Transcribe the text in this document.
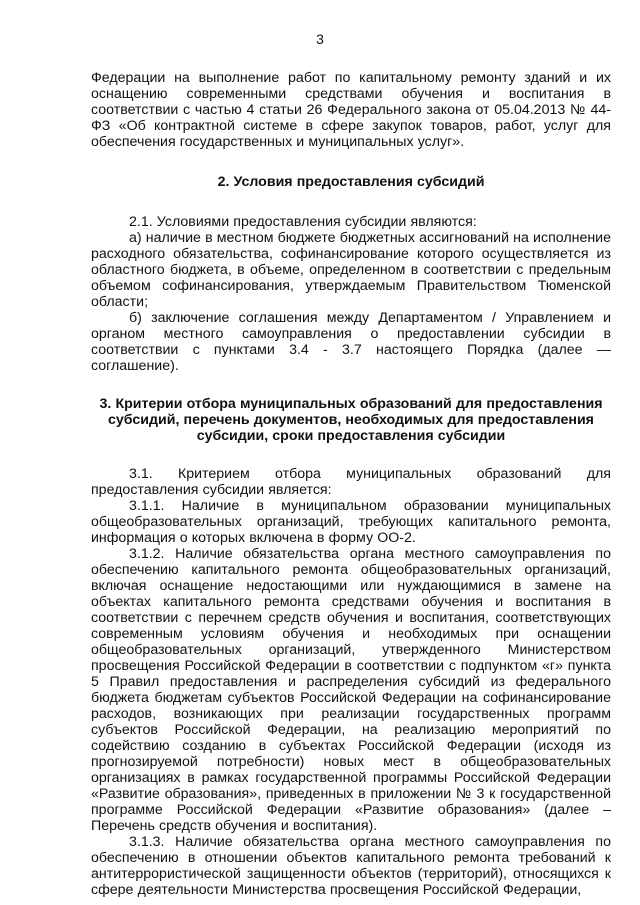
3

Федерации на выполнение работ по капитальному ремонту зданий и их оснащению современными средствами обучения и воспитания в соответствии с частью 4 статьи 26 Федерального закона от 05.04.2013 № 44-ФЗ «Об контрактной системе в сфере закупок товаров, работ, услуг для обеспечения государственных и муниципальных услуг».

2. Условия предоставления субсидий

2.1. Условиями предоставления субсидии являются:

а) наличие в местном бюджете бюджетных ассигнований на исполнение расходного обязательства, софинансирование которого осуществляется из областного бюджета, в объеме, определенном в соответствии с предельным объемом софинансирования, утверждаемым Правительством Тюменской области;

б) заключение соглашения между Департаментом / Управлением и органом местного самоуправления о предоставлении субсидии в соответствии с пунктами 3.4 - 3.7 настоящего Порядка (далее — соглашение).

3. Критерии отбора муниципальных образований для предоставления субсидий, перечень документов, необходимых для предоставления субсидии, сроки предоставления субсидии

3.1. Критерием отбора муниципальных образований для предоставления субсидии является:

3.1.1. Наличие в муниципальном образовании муниципальных общеобразовательных организаций, требующих капитального ремонта, информация о которых включена в форму ОО-2.

3.1.2. Наличие обязательства органа местного самоуправления по обеспечению капитального ремонта общеобразовательных организаций, включая оснащение недостающими или нуждающимися в замене на объектах капитального ремонта средствами обучения и воспитания в соответствии с перечнем средств обучения и воспитания, соответствующих современным условиям обучения и необходимых при оснащении общеобразовательных организаций, утвержденного Министерством просвещения Российской Федерации в соответствии с подпунктом «г» пункта 5 Правил предоставления и распределения субсидий из федерального бюджета бюджетам субъектов Российской Федерации на софинансирование расходов, возникающих при реализации государственных программ субъектов Российской Федерации, на реализацию мероприятий по содействию созданию в субъектах Российской Федерации (исходя из прогнозируемой потребности) новых мест в общеобразовательных организациях в рамках государственной программы Российской Федерации «Развитие образования», приведенных в приложении № 3 к государственной программе Российской Федерации «Развитие образования» (далее – Перечень средств обучения и воспитания).

3.1.3. Наличие обязательства органа местного самоуправления по обеспечению в отношении объектов капитального ремонта требований к антитеррористической защищенности объектов (территорий), относящихся к сфере деятельности Министерства просвещения Российской Федерации,
